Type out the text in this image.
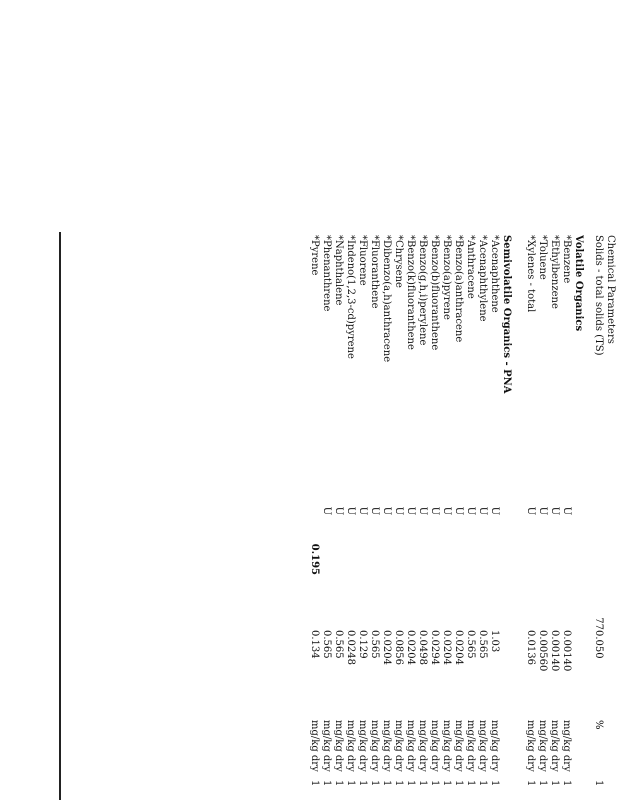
Chemical Parameters
Solids - total solids (TS)
77
0.050
%
1
Volatile Organics
*Benzene
U
0.00140
mg/kg dry
1
*Ethylbenzene
U
0.00140
mg/kg dry
1
*Toluene
U
0.00560
mg/kg dry
1
*Xylenes - total
U
0.0136
mg/kg dry
1
Semivolatile Organics - PNA
*Acenaphthene
U
1.03
mg/kg dry
1
*Acenaphthylene
U
0.565
mg/kg dry
1
*Anthracene
U
0.565
mg/kg dry
1
*Benzo(a)anthracene
U
0.0204
mg/kg dry
1
*Benzo(a)pyrene
U
0.0204
mg/kg dry
1
*Benzo(b)fluoranthene
U
0.0294
mg/kg dry
1
*Benzo(g,h,i)perylene
U
0.0498
mg/kg dry
1
*Benzo(k)fluoranthene
U
0.0204
mg/kg dry
1
*Chrysene
U
0.0856
mg/kg dry
1
*Dibenzo(a,h)anthracene
U
0.0204
mg/kg dry
1
*Fluoranthene
U
0.565
mg/kg dry
1
*Fluorene
U
0.129
mg/kg dry
1
*Indeno(1,2,3-cd)pyrene
U
0.0248
mg/kg dry
1
*Naphthalene
U
0.565
mg/kg dry
1
*Phenanthrene
U
0.565
mg/kg dry
1
*Pyrene
0.195
0.134
mg/kg dry
1
